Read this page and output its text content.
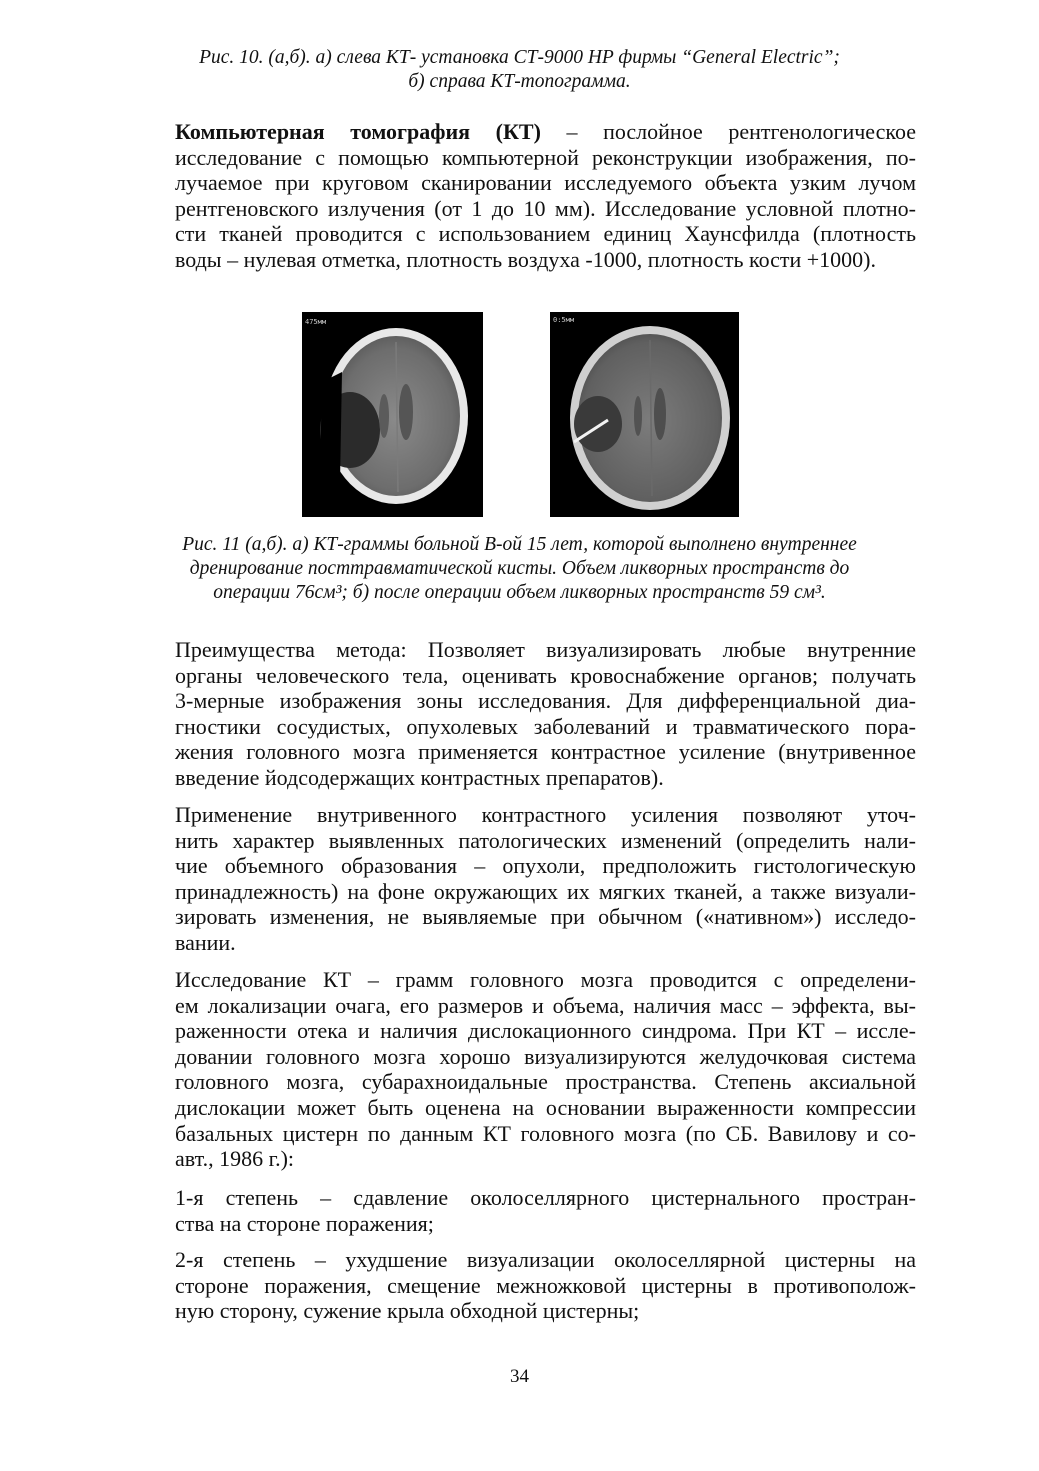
Рис. 10. (а,б). а) слева КТ- установка СТ-9000 HP фирмы “General Electric”;
б) справа КТ-топограмма.

Компьютерная томография (КТ) – послойное рентгенологическое
исследование с помощью компьютерной реконструкции изображения, по-
лучаемое при круговом сканировании исследуемого объекта узким лучом
рентгеновского излучения (от 1 до 10 мм). Исследование условной плотно-
сти тканей проводится с использованием единиц Хаунсфилда (плотность
воды – нулевая отметка, плотность воздуха -1000, плотность кости +1000).
475мм	0:5мм

Рис. 11 (а,б). а) КТ-граммы больной В-ой 15 лет, которой выполнено внутреннее
дренирование посттравматической кисты. Объем ликворных пространств до
операции 76см³; б) после операции объем ликворных пространств 59 см³.

Преимущества метода: Позволяет визуализировать любые внутренние
органы человеческого тела, оценивать кровоснабжение органов; получать
3-мерные изображения зоны исследования. Для дифференциальной диа-
гностики сосудистых, опухолевых заболеваний и травматического пора-
жения головного мозга применяется контрастное усиление (внутривенное
введение йодсодержащих контрастных препаратов).
Применение внутривенного контрастного усиления позволяют уточ-
нить характер выявленных патологических изменений (определить нали-
чие объемного образования – опухоли, предположить гистологическую
принадлежность) на фоне окружающих их мягких тканей, а также визуали-
зировать изменения, не выявляемые при обычном («нативном») исследо-
вании.
Исследование КТ – грамм головного мозга проводится с определени-
ем локализации очага, его размеров и объема, наличия масс – эффекта, вы-
раженности отека и наличия дислокационного синдрома. При КТ – иссле-
довании головного мозга хорошо визуализируются желудочковая система
головного мозга, субарахноидальные пространства. Степень аксиальной
дислокации может быть оценена на основании выраженности компрессии
базальных цистерн по данным КТ головного мозга (по СБ. Вавилову и со-
авт., 1986 г.):
1-я степень – сдавление околоселлярного цистернального простран-
ства на стороне поражения;
2-я степень – ухудшение визуализации околоселлярной цистерны на
стороне поражения, смещение межножковой цистерны в противополож-
ную сторону, сужение крыла обходной цистерны;
34
